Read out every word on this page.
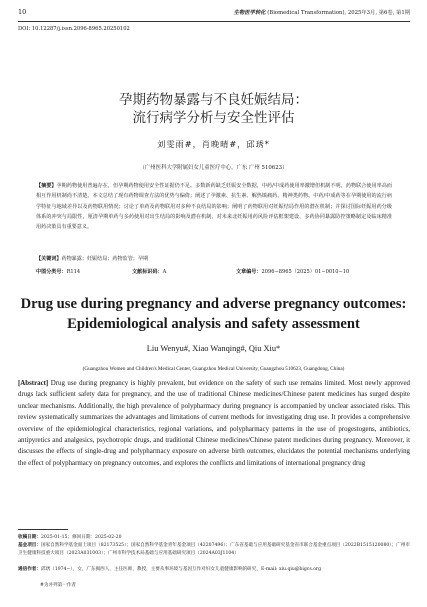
10	生物医学转化 (Biomedical Transformation), 2025年3月, 第6卷, 第1期
DOI: 10.12287/j.issn.2096-8965.20250102
孕期药物暴露与不良妊娠结局：
流行病学分析与安全性评估
刘雯雨#，肖晚晴#，邱琇*
（广州医科大学附属妇女儿童医疗中心，广东 广州 510623）
【摘要】孕期药物使用普遍存在，但孕期药物使用安全性证据仍不足。多数新药缺乏妊娠安全数据，中药/中成药使用率激增但机制不明，药物联合使用率高而相互作用机制尚不清楚。本文总结了现有药物调查方法的优势与偏倚；阐述了孕激素、抗生素、解热镇痛药、精神类药物、中药/中成药等在孕期使用的流行病学特征与地域差异以及药物联用情况；讨论了单药及药物联用对多种不良结局的影响；阐明了药物联用对妊娠结局作用的潜在机制；并探讨国际妊娠用药分级体系的冲突与局限性，厘清孕期单药与多药使用对出生结局的影响及潜在机制，对未来北妊娠用药风险评估框架建设、多药协同暴露防控策略制定及临床精准用药决策具有重要意义。
【关键词】药物暴露；妊娠结局；药物监管；孕期
中图分类号：R114	文献标识码：A	文章编号：2096−8965（2025）01−0010−10
Drug use during pregnancy and adverse pregnancy outcomes:
Epidemiological analysis and safety assessment
Liu Wenyu#, Xiao Wanqing#, Qiu Xiu*
(Guangzhou Women and Children's Medical Center, Guangzhou Medical University, Guangzhou 510623, Guangdong, China)
[Abstract] Drug use during pregnancy is highly prevalent, but evidence on the safety of such use remains limited. Most newly approved drugs lack sufficient safety data for pregnancy, and the use of traditional Chinese medicines/Chinese patent medicines has surged despite unclear mechanisms. Additionally, the high prevalence of polypharmacy during pregnancy is accompanied by unclear associated risks. This review systematically summarizes the advantages and limitations of current methods for investigating drug use. It provides a comprehensive overview of the epidemiological characteristics, regional variations, and polypharmacy patterns in the use of progestogens, antibiotics, antipyretics and analgesics, psychotropic drugs, and traditional Chinese medicines/Chinese patent medicines during pregnancy. Moreover, it discusses the effects of single-drug and polypharmacy exposure on adverse birth outcomes, elucidates the potential mechanisms underlying the effect of polypharmacy on pregnancy outcomes, and explores the conflicts and limitations of international pregnancy drug
收稿日期：2025-01-15；修回日期：2025-02-20
基金项目：国家自然科学基金面上项目（82173525）；国家自然科学基金青年基金项目（42207496）；广东省基础与应用基础研究基金省市联合基金重点项目（2022B1515120080）；广州市卫生健康科技重大项目（2023A031003）；广州市科学技术局基础与应用基础研究项目（2024A03J1104）
通信作者：邱琇（1974−），女，广东揭西人，主任医师，教授，主要从事环境与基因互作对妇女儿童健康影响的研究，E-mail: xiu.qiu@bigcs.org
#为并列第一作者
